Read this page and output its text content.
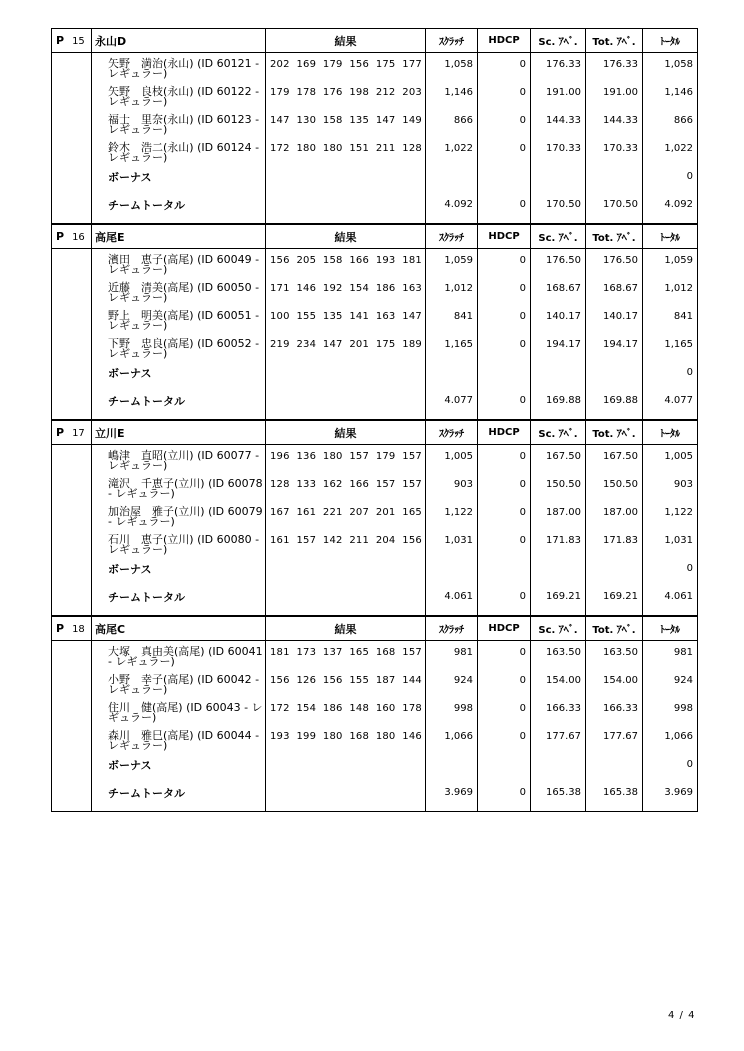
P 15	永山D	結果	ｽｸﾗｯﾁ	HDCP	Sc. ｱﾍﾞ.	Tot. ｱﾍﾞ.	ﾄｰﾀﾙ
	矢野　満治(永山) (ID 60121 - レギュラー)	202 169 179 156 175 177	1,058	0	176.33	176.33	1,058
	矢野　良枝(永山) (ID 60122 - レギュラー)	179 178 176 198 212 203	1,146	0	191.00	191.00	1,146
	福士　里奈(永山) (ID 60123 - レギュラー)	147 130 158 135 147 149	866	0	144.33	144.33	866
	鈴木　浩二(永山) (ID 60124 - レギュラー)	172 180 180 151 211 128	1,022	0	170.33	170.33	1,022
	ボーナス						0
	チームトータル		4.092	0	170.50	170.50	4.092
P 16	高尾E	結果	ｽｸﾗｯﾁ	HDCP	Sc. ｱﾍﾞ.	Tot. ｱﾍﾞ.	ﾄｰﾀﾙ
	濱田　恵子(高尾) (ID 60049 - レギュラー)	156 205 158 166 193 181	1,059	0	176.50	176.50	1,059
	近藤　清美(高尾) (ID 60050 - レギュラー)	171 146 192 154 186 163	1,012	0	168.67	168.67	1,012
	野上　明美(高尾) (ID 60051 - レギュラー)	100 155 135 141 163 147	841	0	140.17	140.17	841
	下野　忠良(高尾) (ID 60052 - レギュラー)	219 234 147 201 175 189	1,165	0	194.17	194.17	1,165
	ボーナス						0
	チームトータル		4.077	0	169.88	169.88	4.077
P 17	立川E	結果	ｽｸﾗｯﾁ	HDCP	Sc. ｱﾍﾞ.	Tot. ｱﾍﾞ.	ﾄｰﾀﾙ
	嶋津　直昭(立川) (ID 60077 - レギュラー)	196 136 180 157 179 157	1,005	0	167.50	167.50	1,005
	滝沢　千恵子(立川) (ID 60078 - レギュラー)	128 133 162 166 157 157	903	0	150.50	150.50	903
	加治屋　雅子(立川) (ID 60079 - レギュラー)	167 161 221 207 201 165	1,122	0	187.00	187.00	1,122
	石川　恵子(立川) (ID 60080 - レギュラー)	161 157 142 211 204 156	1,031	0	171.83	171.83	1,031
	ボーナス						0
	チームトータル		4.061	0	169.21	169.21	4.061
P 18	高尾C	結果	ｽｸﾗｯﾁ	HDCP	Sc. ｱﾍﾞ.	Tot. ｱﾍﾞ.	ﾄｰﾀﾙ
	大塚　真由美(高尾) (ID 60041 - レギュラー)	181 173 137 165 168 157	981	0	163.50	163.50	981
	小野　幸子(高尾) (ID 60042 - レギュラー)	156 126 156 155 187 144	924	0	154.00	154.00	924
	住川　健(高尾) (ID 60043 - レギュラー)	172 154 186 148 160 178	998	0	166.33	166.33	998
	森川　雅巳(高尾) (ID 60044 - レギュラー)	193 199 180 168 180 146	1,066	0	177.67	177.67	1,066
	ボーナス						0
	チームトータル		3.969	0	165.38	165.38	3.969
4 / 4
